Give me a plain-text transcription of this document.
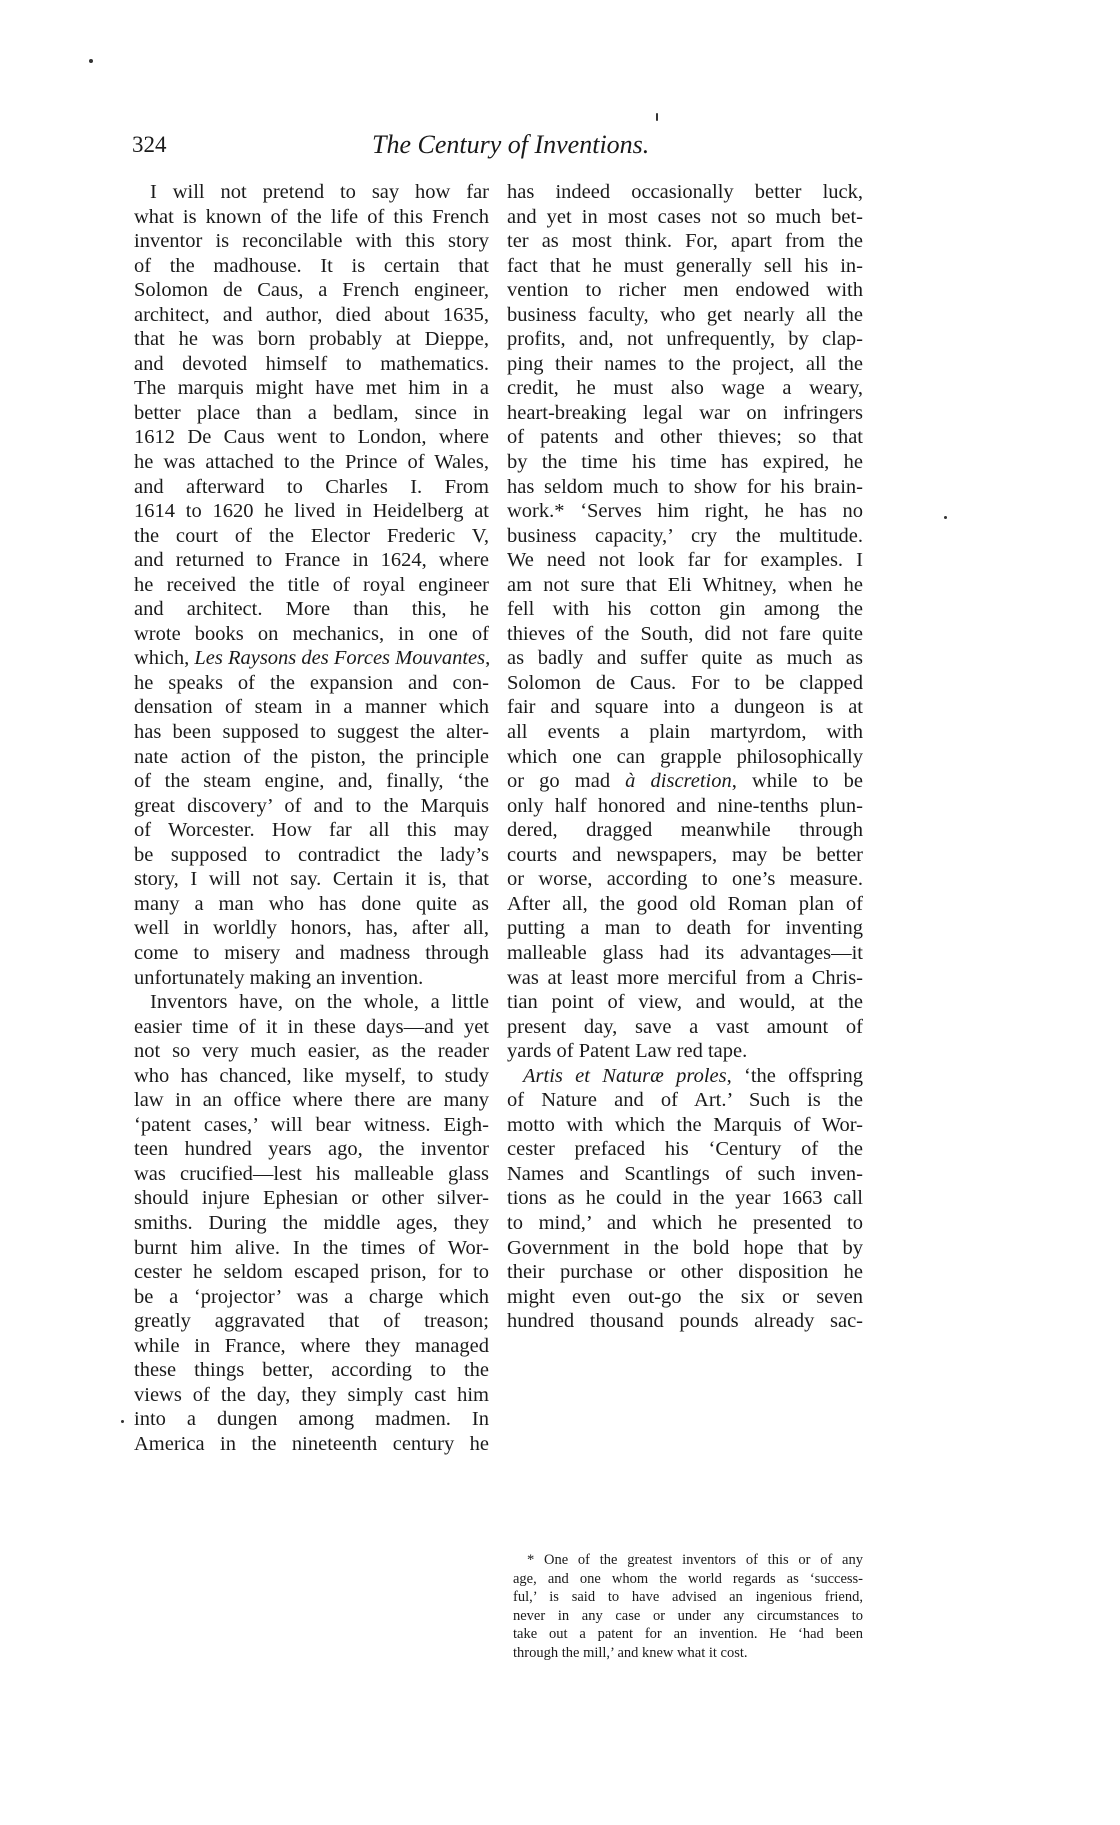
324	The Century of Inventions.
I will not pretend to say how far
what is known of the life of this French
inventor is reconcilable with this story
of the madhouse. It is certain that
Solomon de Caus, a French engineer,
architect, and author, died about 1635,
that he was born probably at Dieppe,
and devoted himself to mathematics.
The marquis might have met him in a
better place than a bedlam, since in
1612 De Caus went to London, where
he was attached to the Prince of Wales,
and afterward to Charles I. From
1614 to 1620 he lived in Heidelberg at
the court of the Elector Frederic V,
and returned to France in 1624, where
he received the title of royal engineer
and architect. More than this, he
wrote books on mechanics, in one of
which, Les Raysons des Forces Mouvantes,
he speaks of the expansion and con-
densation of steam in a manner which
has been supposed to suggest the alter-
nate action of the piston, the principle
of the steam engine, and, finally, ‘the
great discovery’ of and to the Marquis
of Worcester. How far all this may
be supposed to contradict the lady’s
story, I will not say. Certain it is, that
many a man who has done quite as
well in worldly honors, has, after all,
come to misery and madness through
unfortunately making an invention.
Inventors have, on the whole, a little
easier time of it in these days—and yet
not so very much easier, as the reader
who has chanced, like myself, to study
law in an office where there are many
‘patent cases,’ will bear witness. Eigh-
teen hundred years ago, the inventor
was crucified—lest his malleable glass
should injure Ephesian or other silver-
smiths. During the middle ages, they
burnt him alive. In the times of Wor-
cester he seldom escaped prison, for to
be a ‘projector’ was a charge which
greatly aggravated that of treason;
while in France, where they managed
these things better, according to the
views of the day, they simply cast him
into a dungen among madmen. In
America in the nineteenth century he
has indeed occasionally better luck,
and yet in most cases not so much bet-
ter as most think. For, apart from the
fact that he must generally sell his in-
vention to richer men endowed with
business faculty, who get nearly all the
profits, and, not unfrequently, by clap-
ping their names to the project, all the
credit, he must also wage a weary,
heart-breaking legal war on infringers
of patents and other thieves; so that
by the time his time has expired, he
has seldom much to show for his brain-
work.* ‘Serves him right, he has no
business capacity,’ cry the multitude.
We need not look far for examples. I
am not sure that Eli Whitney, when he
fell with his cotton gin among the
thieves of the South, did not fare quite
as badly and suffer quite as much as
Solomon de Caus. For to be clapped
fair and square into a dungeon is at
all events a plain martyrdom, with
which one can grapple philosophically
or go mad à discretion, while to be
only half honored and nine-tenths plun-
dered, dragged meanwhile through
courts and newspapers, may be better
or worse, according to one’s measure.
After all, the good old Roman plan of
putting a man to death for inventing
malleable glass had its advantages—it
was at least more merciful from a Chris-
tian point of view, and would, at the
present day, save a vast amount of
yards of Patent Law red tape.
Artis et Naturæ proles, ‘the offspring
of Nature and of Art.’ Such is the
motto with which the Marquis of Wor-
cester prefaced his ‘Century of the
Names and Scantlings of such inven-
tions as he could in the year 1663 call
to mind,’ and which he presented to
Government in the bold hope that by
their purchase or other disposition he
might even out-go the six or seven
hundred thousand pounds already sac-
* One of the greatest inventors of this or of any
age, and one whom the world regards as ‘success-
ful,’ is said to have advised an ingenious friend,
never in any case or under any circumstances to
take out a patent for an invention. He ‘had been
through the mill,’ and knew what it cost.
